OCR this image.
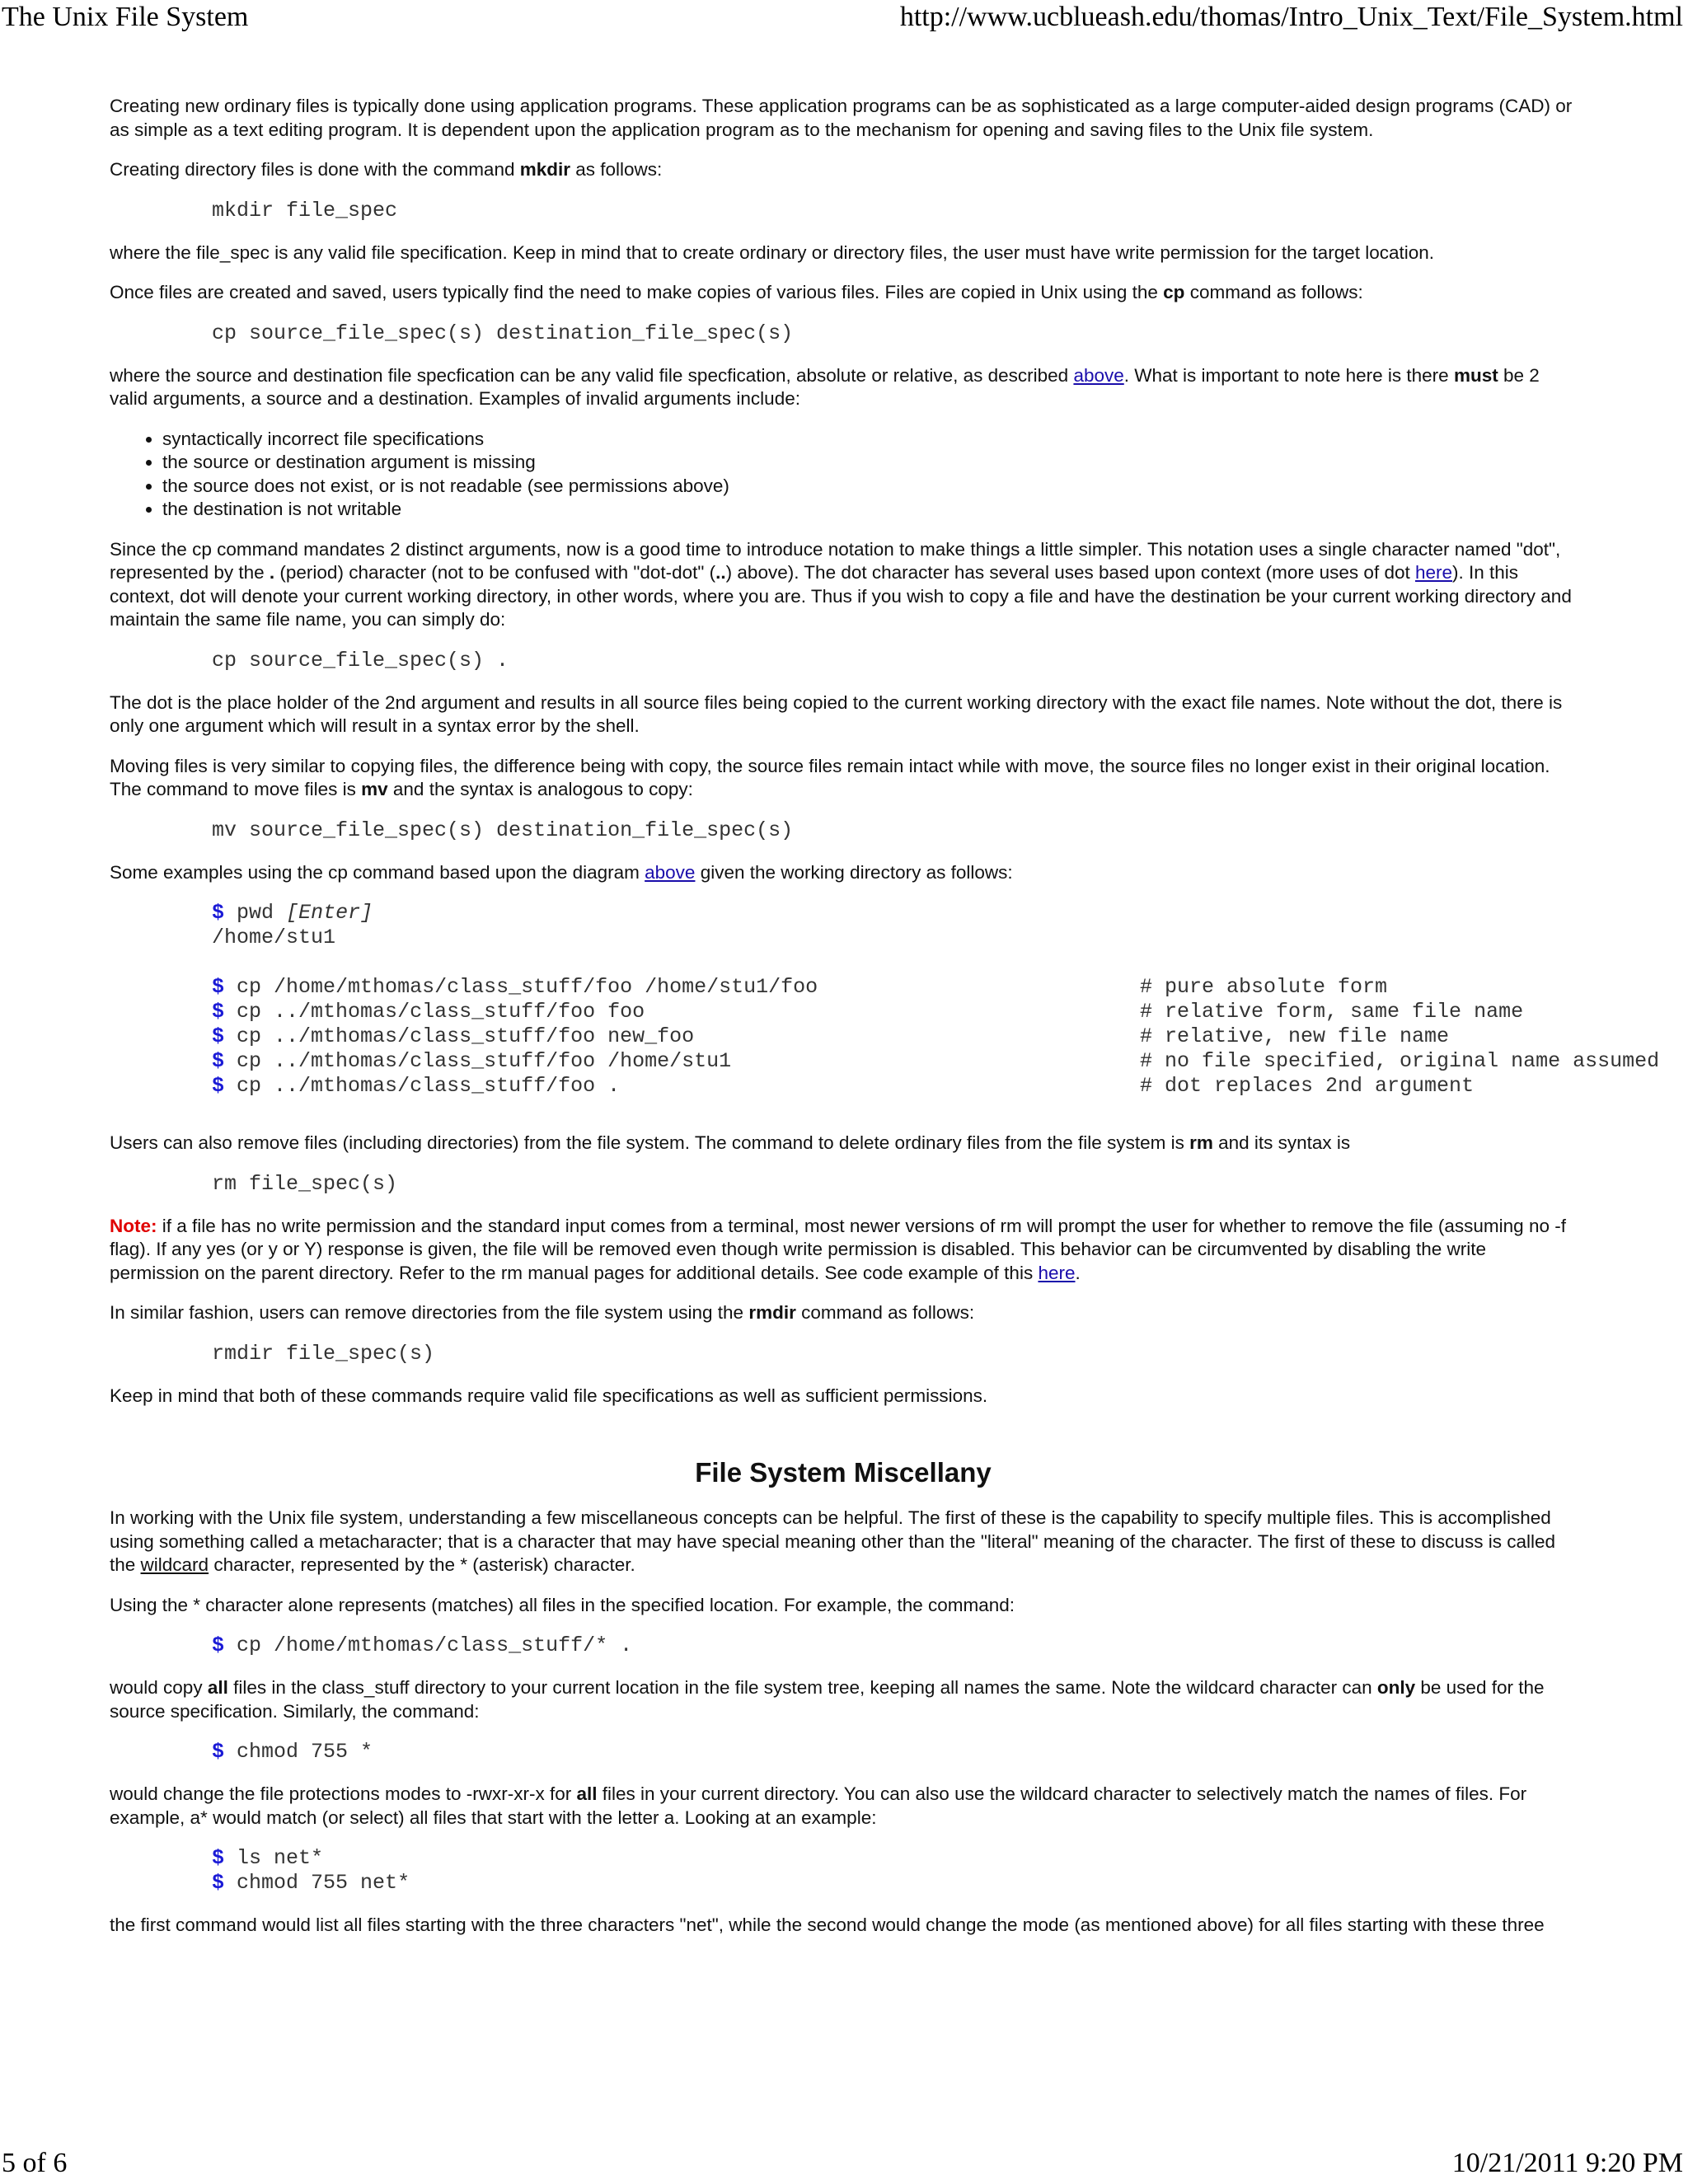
The Unix File System	http://www.ucblueash.edu/thomas/Intro_Unix_Text/File_System.html

Creating new ordinary files is typically done using application programs. These application programs can be as sophisticated as a large computer-aided design programs (CAD) or as simple as a text editing program. It is dependent upon the application program as to the mechanism for opening and saving files to the Unix file system.

Creating directory files is done with the command mkdir as follows:

mkdir file_spec

where the file_spec is any valid file specification. Keep in mind that to create ordinary or directory files, the user must have write permission for the target location.

Once files are created and saved, users typically find the need to make copies of various files. Files are copied in Unix using the cp command as follows:

cp source_file_spec(s) destination_file_spec(s)

where the source and destination file specfication can be any valid file specfication, absolute or relative, as described above. What is important to note here is there must be 2 valid arguments, a source and a destination. Examples of invalid arguments include:

• syntactically incorrect file specifications
• the source or destination argument is missing
• the source does not exist, or is not readable (see permissions above)
• the destination is not writable

Since the cp command mandates 2 distinct arguments, now is a good time to introduce notation to make things a little simpler. This notation uses a single character named "dot", represented by the . (period) character (not to be confused with "dot-dot" (..) above). The dot character has several uses based upon context (more uses of dot here). In this context, dot will denote your current working directory, in other words, where you are. Thus if you wish to copy a file and have the destination be your current working directory and maintain the same file name, you can simply do:

cp source_file_spec(s) .

The dot is the place holder of the 2nd argument and results in all source files being copied to the current working directory with the exact file names. Note without the dot, there is only one argument which will result in a syntax error by the shell.

Moving files is very similar to copying files, the difference being with copy, the source files remain intact while with move, the source files no longer exist in their original location. The command to move files is mv and the syntax is analogous to copy:

mv source_file_spec(s) destination_file_spec(s)

Some examples using the cp command based upon the diagram above given the working directory as follows:

$ pwd [Enter]
/home/stu1
$ cp /home/mthomas/class_stuff/foo /home/stu1/foo	# pure absolute form
$ cp ../mthomas/class_stuff/foo foo	# relative form, same file name
$ cp ../mthomas/class_stuff/foo new_foo	# relative, new file name
$ cp ../mthomas/class_stuff/foo /home/stu1	# no file specified, original name assumed
$ cp ../mthomas/class_stuff/foo .	# dot replaces 2nd argument

Users can also remove files (including directories) from the file system. The command to delete ordinary files from the file system is rm and its syntax is

rm file_spec(s)

Note: if a file has no write permission and the standard input comes from a terminal, most newer versions of rm will prompt the user for whether to remove the file (assuming no -f flag). If any yes (or y or Y) response is given, the file will be removed even though write permission is disabled. This behavior can be circumvented by disabling the write permission on the parent directory. Refer to the rm manual pages for additional details. See code example of this here.

In similar fashion, users can remove directories from the file system using the rmdir command as follows:

rmdir file_spec(s)

Keep in mind that both of these commands require valid file specifications as well as sufficient permissions.

File System Miscellany

In working with the Unix file system, understanding a few miscellaneous concepts can be helpful. The first of these is the capability to specify multiple files. This is accomplished using something called a metacharacter; that is a character that may have special meaning other than the "literal" meaning of the character. The first of these to discuss is called the wildcard character, represented by the * (asterisk) character.

Using the * character alone represents (matches) all files in the specified location. For example, the command:

$ cp /home/mthomas/class_stuff/* .

would copy all files in the class_stuff directory to your current location in the file system tree, keeping all names the same. Note the wildcard character can only be used for the source specification. Similarly, the command:

$ chmod 755 *

would change the file protections modes to -rwxr-xr-x for all files in your current directory. You can also use the wildcard character to selectively match the names of files. For example, a* would match (or select) all files that start with the letter a. Looking at an example:

$ ls net*
$ chmod 755 net*

the first command would list all files starting with the three characters "net", while the second would change the mode (as mentioned above) for all files starting with these three

5 of 6	10/21/2011 9:20 PM
